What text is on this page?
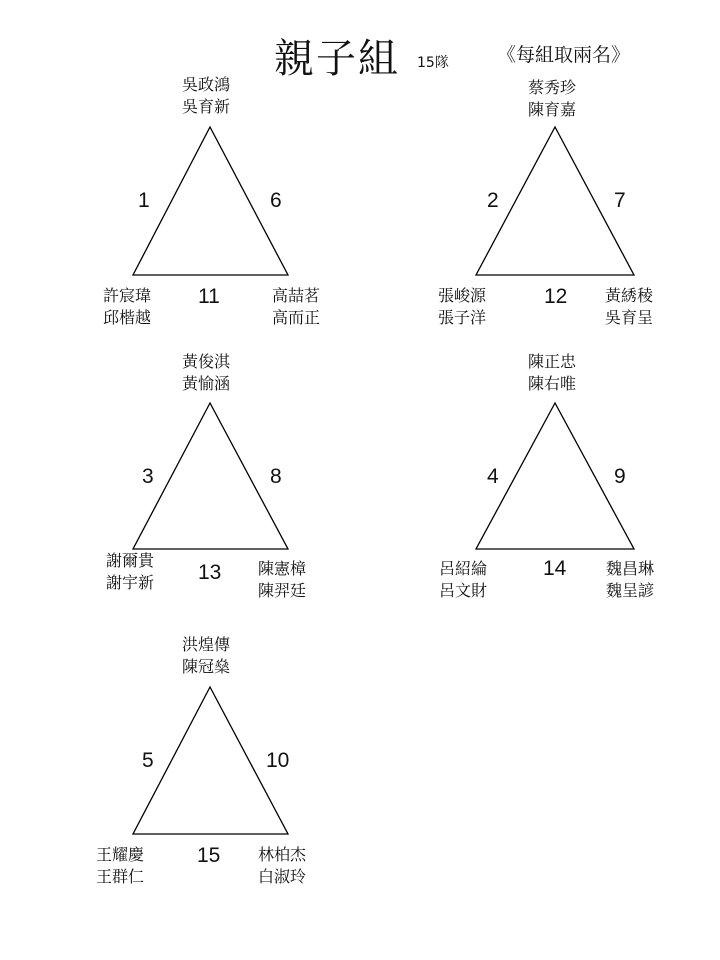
親子組 15隊	《每組取兩名》
吳政鴻
吳育新
許宸瑋
邱楷越
高喆茗
高而正
1	6
11
蔡秀珍
陳育嘉
張峻源
張子洋
黃綉稜
吳育呈
2	7
12
黃俊淇
黃愉涵
謝爾貴
謝宇新
陳憲樟
陳羿廷
3	8
13
陳正忠
陳右唯
呂紹綸
呂文財
魏昌琳
魏呈諺
4	9
14
洪煌傳
陳冠燊
王耀慶
王群仁
林柏杰
白淑玲
5	10
15
